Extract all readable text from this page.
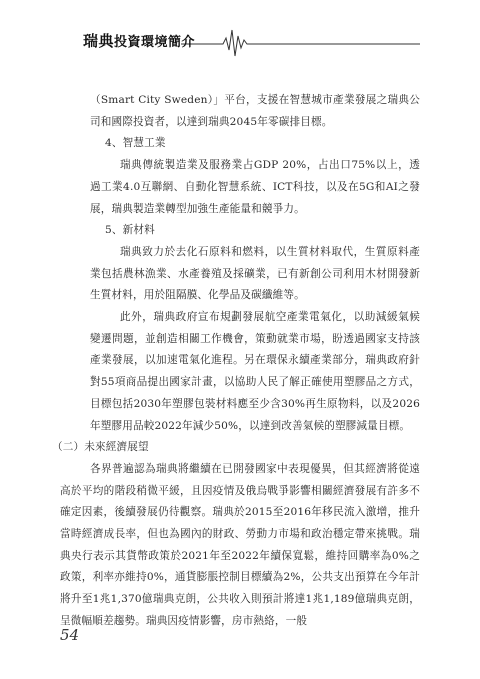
瑞典投資環境簡介

（Smart City Sweden）」平台，支援在智慧城市產業發展之瑞典公司和國際投資者，以達到瑞典2045年零碳排目標。

4、智慧工業

瑞典傳統製造業及服務業占GDP 20%，占出口75%以上，透過工業4.0互聯網、自動化智慧系統、ICT科技，以及在5G和AI之發展，瑞典製造業轉型加強生產能量和競爭力。

5、新材料

瑞典致力於去化石原料和燃料，以生質材料取代，生質原料產業包括農林漁業、水產養殖及採礦業，已有新創公司利用木材開發新生質材料，用於阻隔膜、化學品及碳纖維等。

此外，瑞典政府宣布規劃發展航空產業電氣化，以助減緩氣候變遷問題，並創造相關工作機會，策動就業市場，盼透過國家支持該產業發展，以加速電氣化進程。另在環保永續產業部分，瑞典政府針對55項商品提出國家計畫，以協助人民了解正確使用塑膠品之方式，目標包括2030年塑膠包裝材料應至少含30%再生原物料，以及2026年塑膠用品較2022年減少50%，以達到改善氣候的塑膠減量目標。

（二）未來經濟展望

各界普遍認為瑞典將繼續在已開發國家中表現優異，但其經濟將從遠高於平均的階段稍微平緩，且因疫情及俄烏戰爭影響相關經濟發展有許多不確定因素，後續發展仍待觀察。瑞典於2015至2016年移民流入激增，推升當時經濟成長率，但也為國內的財政、勞動力市場和政治穩定帶來挑戰。瑞典央行表示其貨幣政策於2021年至2022年續保寬鬆，維持回購率為0%之政策，利率亦維持0%，通貨膨脹控制目標續為2%，公共支出預算在今年計將升至1兆1,370億瑞典克朗，公共收入則預計將達1兆1,189億瑞典克朗，呈微幅順差趨勢。瑞典因疫情影響，房市熱絡，一般

54
